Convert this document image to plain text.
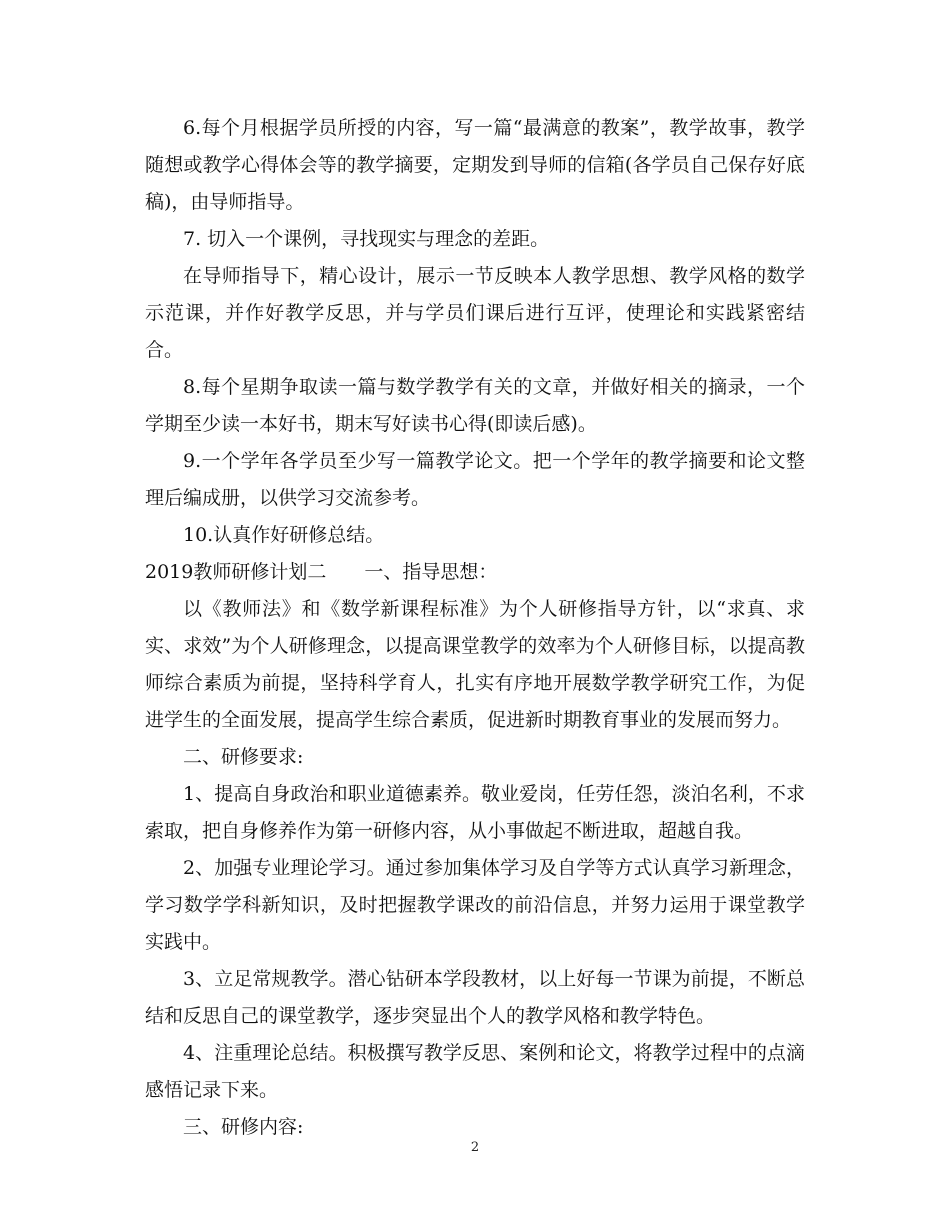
6.每个月根据学员所授的内容，写一篇“最满意的教案”，教学故事，教学随想或教学心得体会等的教学摘要，定期发到导师的信箱(各学员自己保存好底稿)，由导师指导。

7. 切入一个课例，寻找现实与理念的差距。

在导师指导下，精心设计，展示一节反映本人教学思想、教学风格的数学示范课，并作好教学反思，并与学员们课后进行互评，使理论和实践紧密结合。

8.每个星期争取读一篇与数学教学有关的文章，并做好相关的摘录，一个学期至少读一本好书，期末写好读书心得(即读后感)。

9.一个学年各学员至少写一篇教学论文。把一个学年的教学摘要和论文整理后编成册，以供学习交流参考。

10.认真作好研修总结。

2019教师研修计划二　　一、指导思想：

以《教师法》和《数学新课程标准》为个人研修指导方针，以“求真、求实、求效”为个人研修理念，以提高课堂教学的效率为个人研修目标，以提高教师综合素质为前提，坚持科学育人，扎实有序地开展数学教学研究工作，为促进学生的全面发展，提高学生综合素质，促进新时期教育事业的发展而努力。

二、研修要求:

1、提高自身政治和职业道德素养。敬业爱岗，任劳任怨，淡泊名利，不求索取，把自身修养作为第一研修内容，从小事做起不断进取，超越自我。

2、加强专业理论学习。通过参加集体学习及自学等方式认真学习新理念，学习数学学科新知识，及时把握教学课改的前沿信息，并努力运用于课堂教学实践中。

3、立足常规教学。潜心钻研本学段教材，以上好每一节课为前提，不断总结和反思自己的课堂教学，逐步突显出个人的教学风格和教学特色。

4、注重理论总结。积极撰写教学反思、案例和论文，将教学过程中的点滴感悟记录下来。

三、研修内容:

2
